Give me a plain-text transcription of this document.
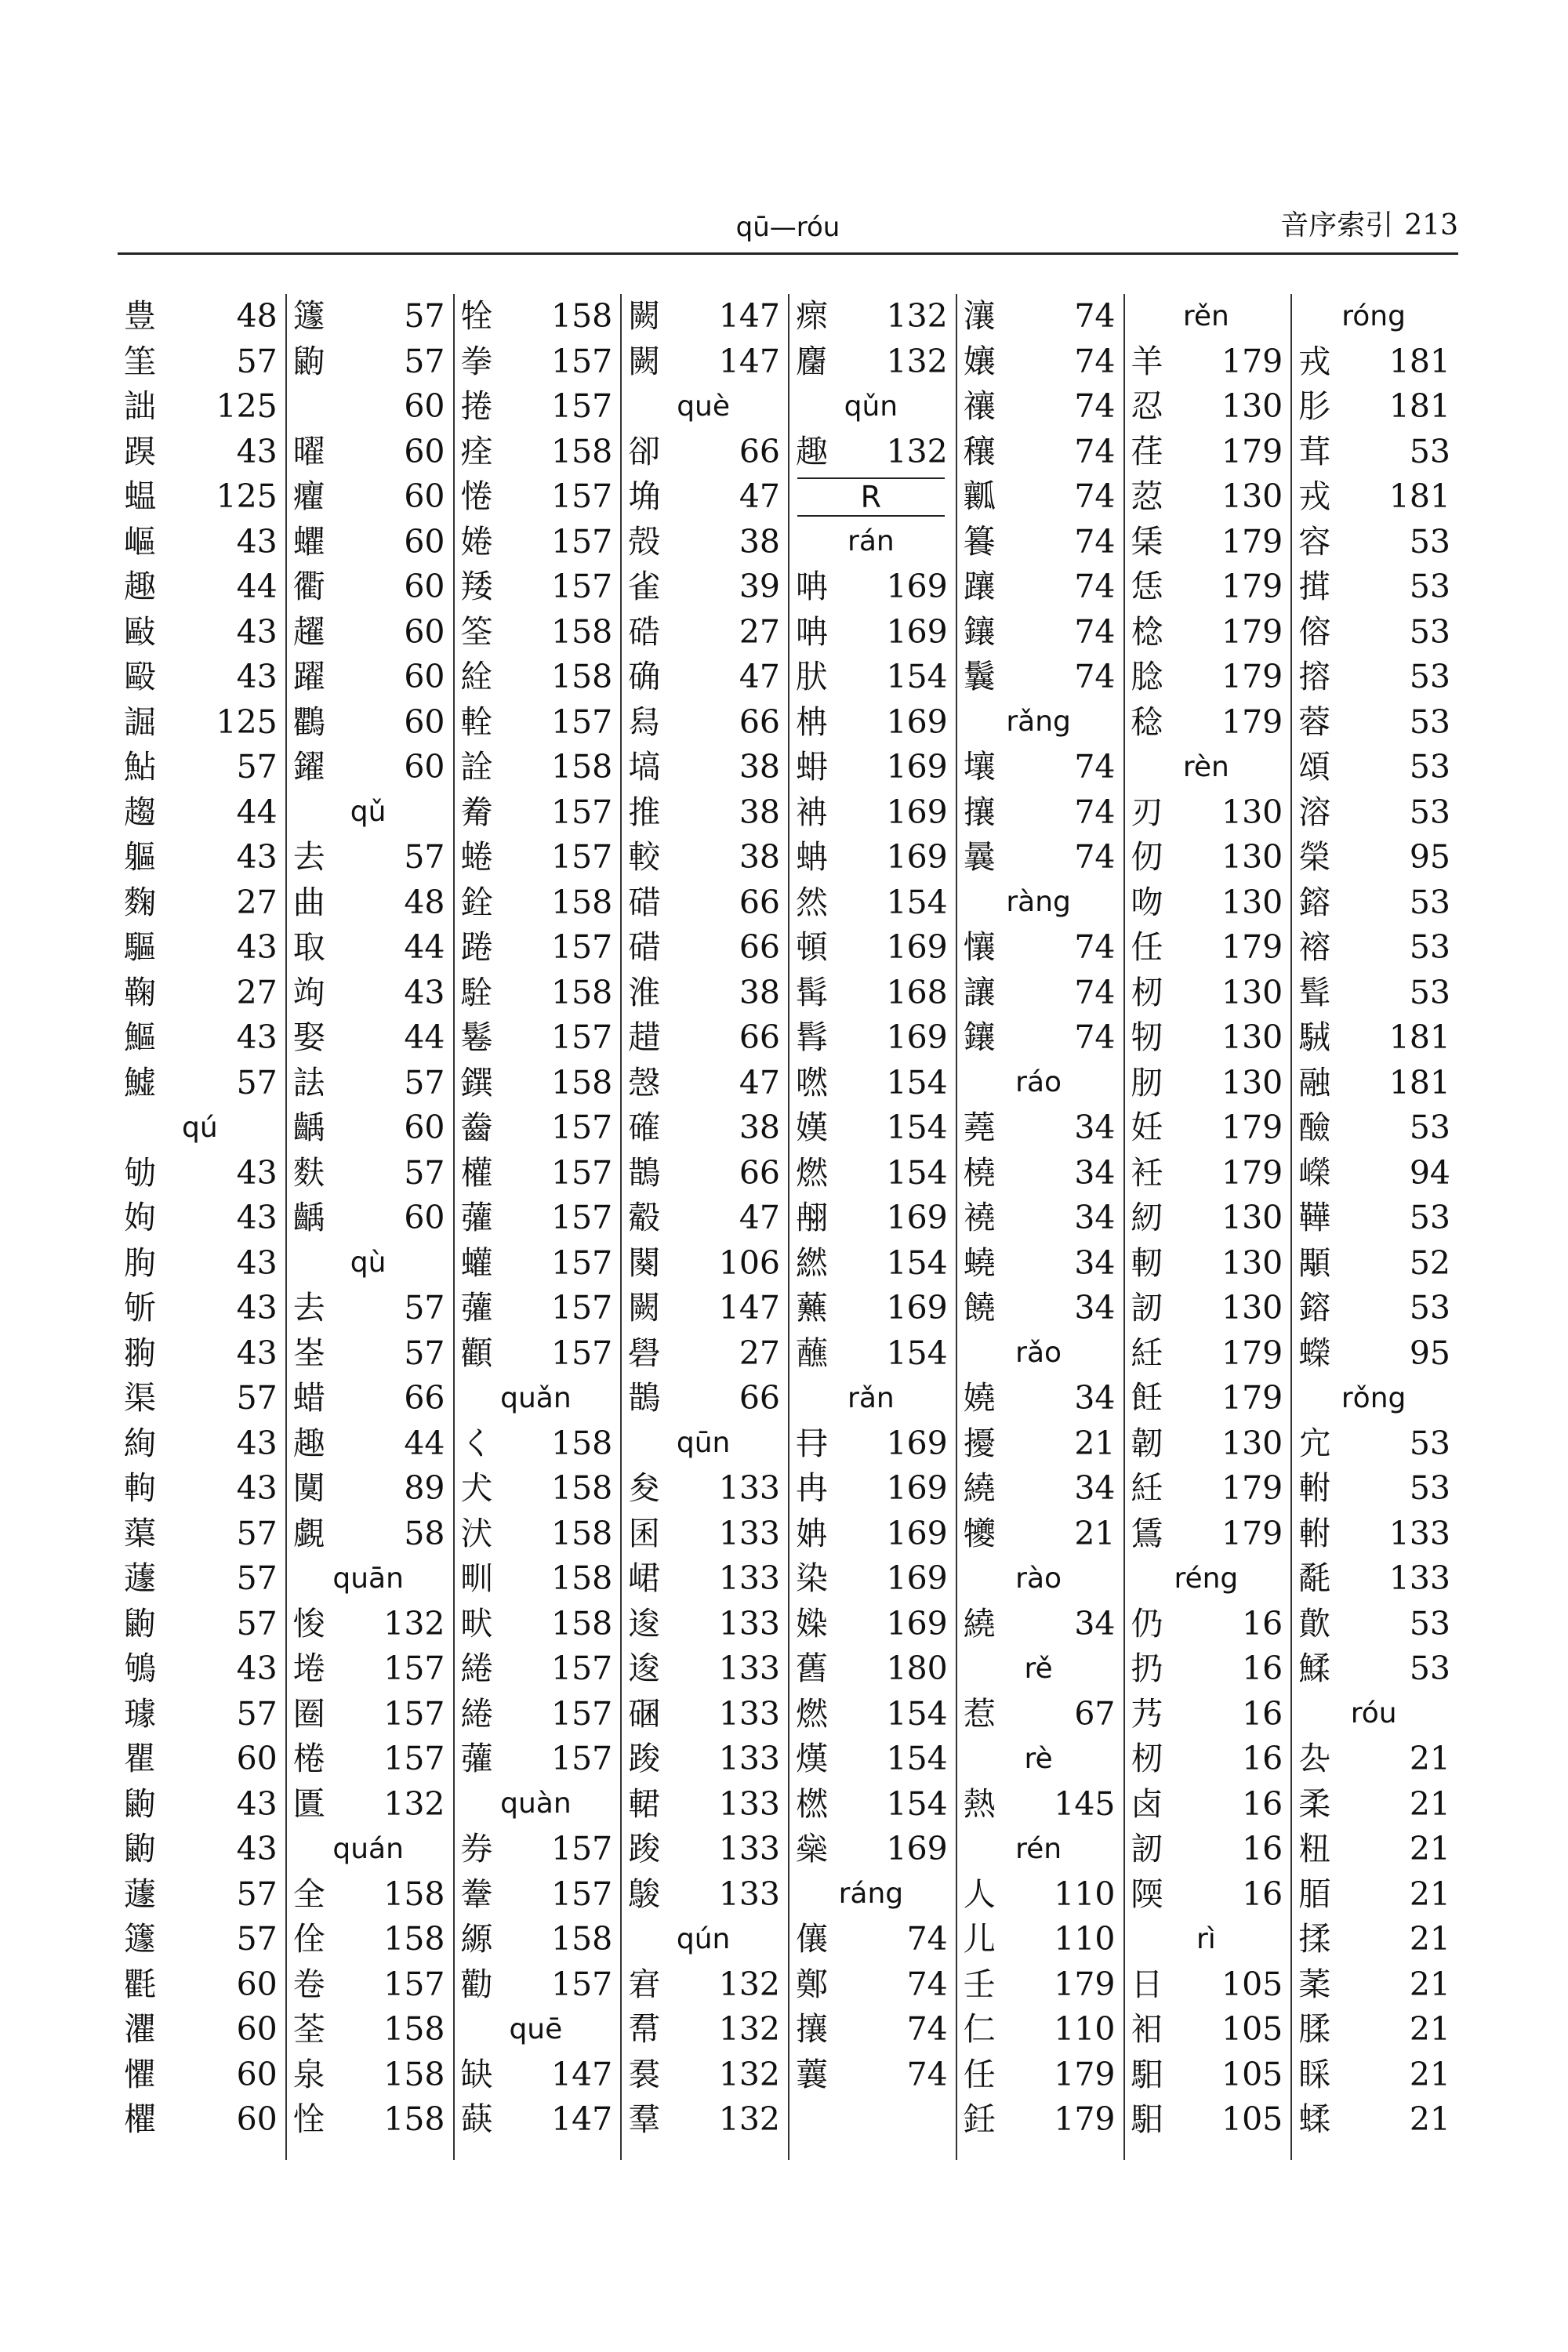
qū—róu	音序索引 213
豊	48
筀	57
詘 125
䠐	43
蝹 125
嶇	43
趣	44
敺	43
毆	43
誳 125
鮎	57
趨	44
軀	43
麴	27
驅	43
鞠	27
鰸	43
鱋	57
qú
劬	43
姁	43
朐	43
斪	43
翑	43
渠	57
絢	43
軥	43
蕖	57
蘧	57
鼩	57
鴝	43
璩	57
瞿	60
鼩	43
鼩	43
蘧	57
籧	57
氍	60
灈	60
懼	60
欋	60
籧 57
鼩 57
60
曜 60
癯 60
蠷 60
衢 60
趯 60
躍 60
鸜 60
鑃 60
qǔ
去 57
曲 48
取 44
竘 43
娶 44
詓 57
齲 60
麩 57
齲 60
qù
去 57
峑 57
蜡 66
趣 44
闃 89
覷 58
quān
悛 132
埢 157
圈 157
棬 157
匱 132
quán
全 158
佺 158
卷 157
荃 158
泉 158
恮 158
牷 158
拳 157
捲 157
痊 158
惓 157
婘 157
䍴 157
筌 158
絟 158
輇 157
詮 158
觠 157
蜷 157
銓 158
踡 157
駩 158
鬈 157
鐉 158
齤 157
權 157
虇 157
蠸 157
虇 157
顴 157
quǎn
く 158
犬 158
汱 158
甽 158
畎 158
綣 157
綣 157
虇 157
quàn
券 157
韏 157
縓 158
勸 157
quē
缺 147
蒛 147
闕 147
闕 147
què
卻 66
埆 47
殻 38
雀 39
硞 27
确 47
舄 66
塙 38
推 38
較 38
碏 66
碏 66
淮 38
趞 66
愨 47
確 38
鵲 66
觳 47
闋 106
闕 147
礐 27
鵲 66
qūn
夋 133
囷 133
峮 133
逡 133
逡 133
碅 133
踆 133
輑 133
踆 133
鵔 133
qún
宭 132
帬 132
裠 132
羣 132
瘝 132
麕 132
qǔn
趣 132
R
rán
呥 169
呥 169
肰 154
柟 169
蚦 169
袡 169
蚺 169
然 154
頓 169
髯 168
髥 169
嘫 154
嫨 154
燃 154
䎃 169
繎 154
䖄 169
蘸 154
rǎn
冄 169
冉 169
姌 169
染 169
媣 169
舊 180
燃 154
熯 154
橪 154
橤 169
ráng
儴 74
鄭 74
攘 74
蘘 74
瀼 74
孃 74
禳 74
穰 74
瓤 74
籑 74
躟 74
鑲 74
鬤 74
rǎng
壤 74
攘 74
曩 74
ràng
懹 74
讓 74
鑲 74
ráo
蕘 34
橈 34
襓 34
蟯 34
饒 34
rǎo
嬈 34
擾 21
繞 34
犪 21
rào
繞 34
rě
惹 67
rè
熱 145
rén
人 110
儿 110
壬 179
仁 110
任 179
鈓 179
rěn
羊 179
忍 130
荏 179
荵 130
栠 179
恁 179
棯 179
腍 179
稔 179
rèn
刃 130
仞 130
吻 130
任 179
杒 130
牣 130
肕 130
妊 179
衽 179
紉 130
軔 130
訒 130
紝 179
飪 179
韌 130
紝 179
鵀 179
réng
仍 16
扔 16
艿 16
杒 16
卤 16
訒 16
陾 16
rì
日 105
衵 105
馹 105
馹 105
róng
戎 181
肜 181
茸 53
戎 181
容 53
搑 53
傛 53
搈 53
蓉 53
頌 53
溶 53
榮 95
鎔 53
褣 53
髶 53
駥 181
融 181
醶 53
嶸 94
鞾 53
顒 52
鎔 53
蠑 95
rǒng
宂 53
軵 53
軵 133
氄 133
歕 53
鰇 53
róu
厹 21
柔 21
粈 21
脜 21
揉 21
葇 21
腬 21
睬 21
蝚 21
